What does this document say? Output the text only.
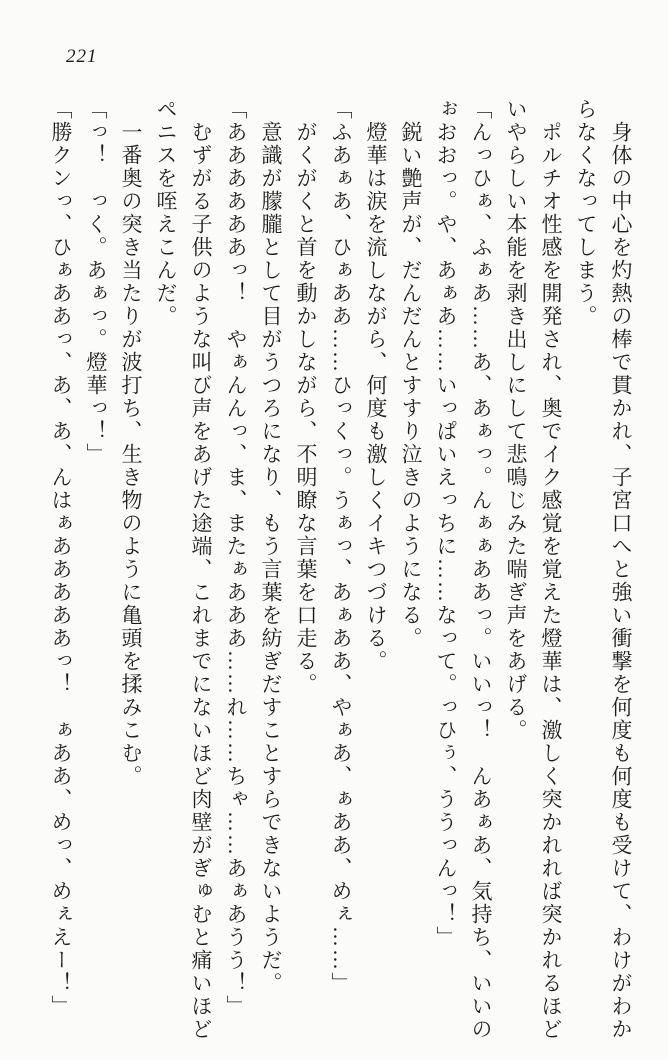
221

　身体の中心を灼熱の棒で貫かれ、子宮口へと強い衝撃を何度も何度も受けて、わけがわからなくなってしまう。

　ポルチオ性感を開発され、奥でイク感覚を覚えた燈華は、激しく突かれれば突かれるほどいやらしい本能を剥き出しにして悲鳴じみた喘ぎ声をあげる。

「んっひぁ、ふぁあ……あ、あぁっ。んぁぁああっ。いいっ！　んあぁあ、気持ち、いいのぉおおっ。や、あぁあ……いっぱいえっちに……なって。っひぅ、ううっんっ！」

　鋭い艶声が、だんだんとすすり泣きのようになる。

　燈華は涙を流しながら、何度も激しくイキつづける。

「ふあぁあ、ひぁああ……ひっくっ。うぁっ、あぁああ、やぁあ、ぁああ、めぇ……」

　がくがくと首を動かしながら、不明瞭な言葉を口走る。

　意識が朦朧として目がうつろになり、もう言葉を紡ぎだすことすらできないようだ。

「ああああああっ！　やぁんんっ、ま、またぁあああ……れ……ちゃ……あぁあうう！」

　むずがる子供のような叫び声をあげた途端、これまでにないほど肉壁がぎゅむと痛いほどペニスを咥えこんだ。

　一番奥の突き当たりが波打ち、生き物のように亀頭を揉みこむ。

「っ！　っく。あぁっ。燈華っ！」

「勝クンっ、ひぁああっ、あ、あ、んはぁあああああっ！　ぁああ、めっ、めぇえー！」
